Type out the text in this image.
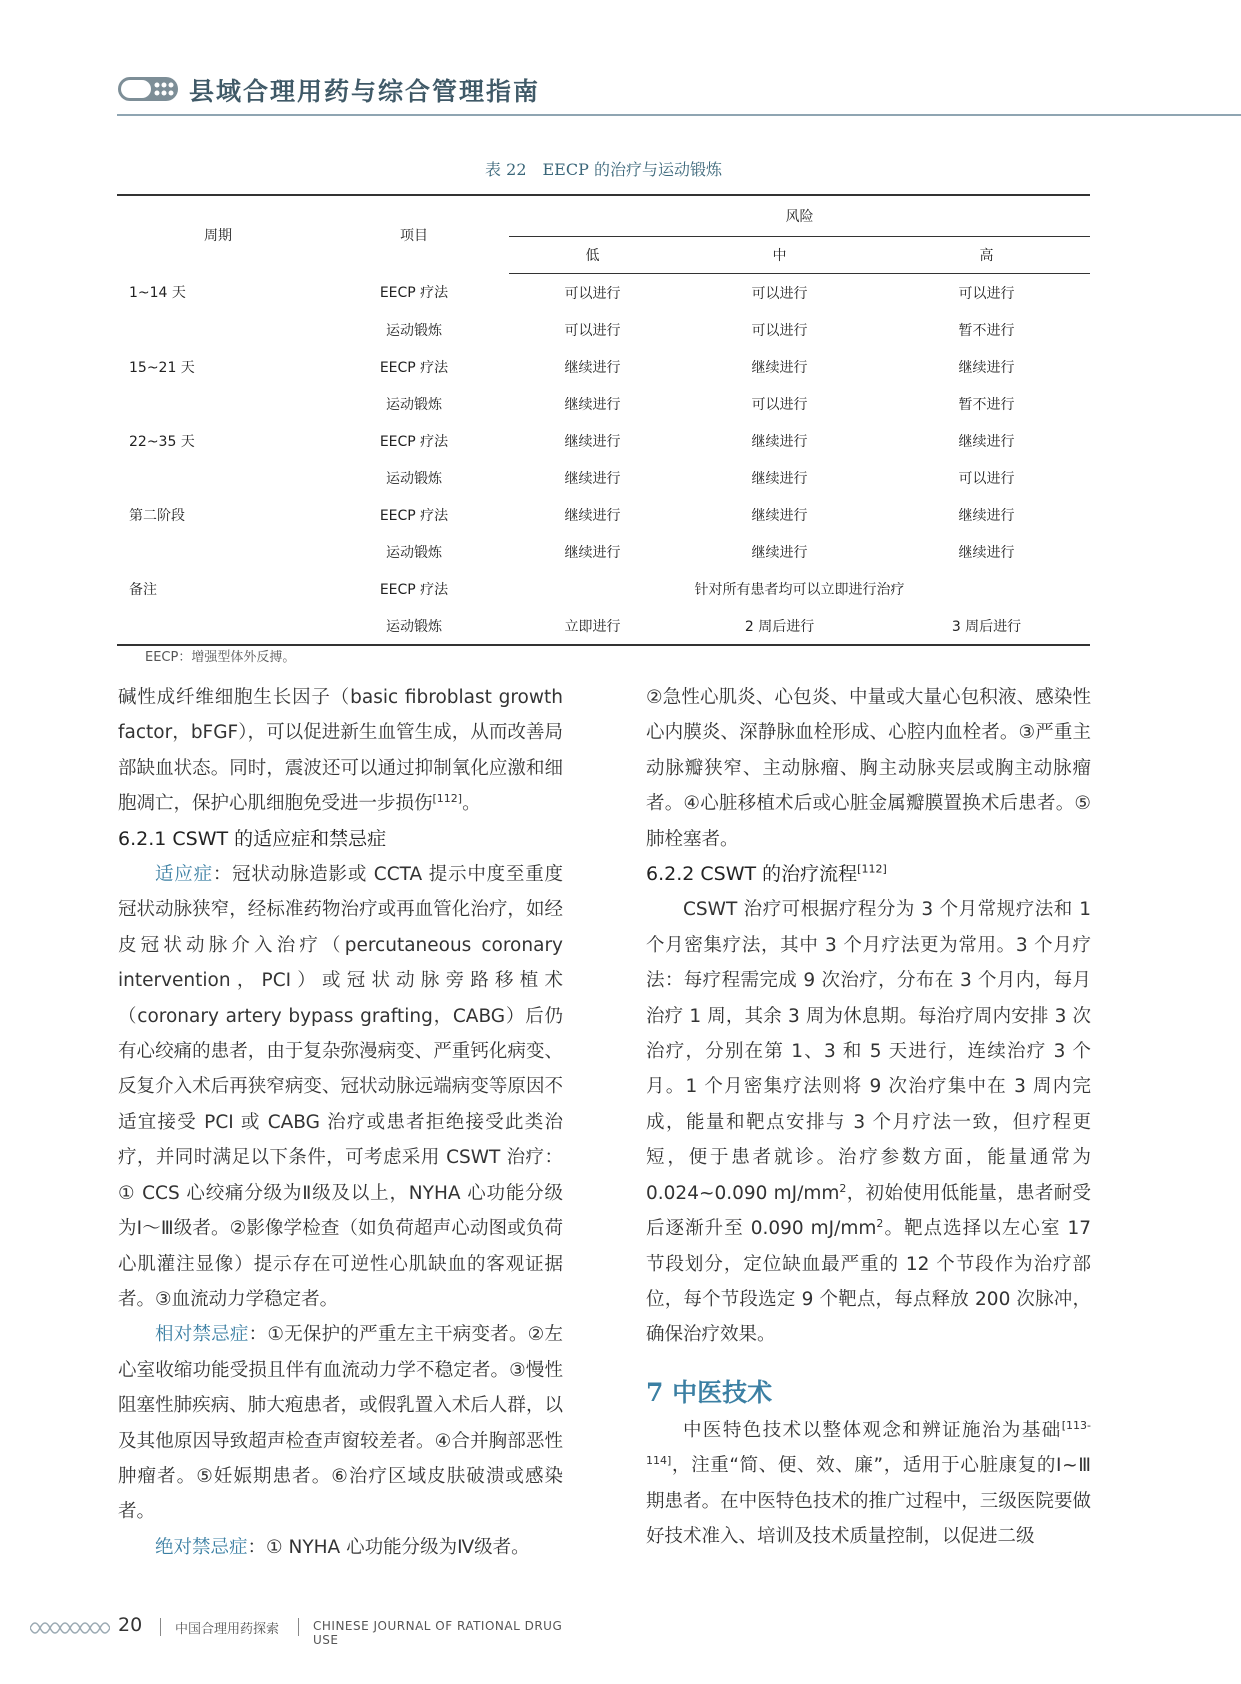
县域合理用药与综合管理指南
表 22　EECP 的治疗与运动锻炼
周期	项目	风险		
		低	中	高
1~14 天	EECP 疗法	可以进行	可以进行	可以进行
	运动锻炼	可以进行	可以进行	暂不进行
15~21 天	EECP 疗法	继续进行	继续进行	继续进行
	运动锻炼	继续进行	可以进行	暂不进行
22~35 天	EECP 疗法	继续进行	继续进行	继续进行
	运动锻炼	继续进行	继续进行	可以进行
第二阶段	EECP 疗法	继续进行	继续进行	继续进行
	运动锻炼	继续进行	继续进行	继续进行
备注	EECP 疗法	针对所有患者均可以立即进行治疗		
	运动锻炼	立即进行	2 周后进行	3 周后进行
EECP：增强型体外反搏。

碱性成纤维细胞生长因子（basic fibroblast growth factor，bFGF），可以促进新生血管生成，从而改善局部缺血状态。同时，震波还可以通过抑制氧化应激和细胞凋亡，保护心肌细胞免受进一步损伤[112]。

6.2.1 CSWT 的适应症和禁忌症

适应症：冠状动脉造影或 CCTA 提示中度至重度冠状动脉狭窄，经标准药物治疗或再血管化治疗，如经皮冠状动脉介入治疗（percutaneous coronary intervention，PCI）或冠状动脉旁路移植术（coronary artery bypass grafting，CABG）后仍有心绞痛的患者，由于复杂弥漫病变、严重钙化病变、反复介入术后再狭窄病变、冠状动脉远端病变等原因不适宜接受 PCI 或 CABG 治疗或患者拒绝接受此类治疗，并同时满足以下条件，可考虑采用 CSWT 治疗：① CCS 心绞痛分级为Ⅱ级及以上，NYHA 心功能分级为Ⅰ～Ⅲ级者。②影像学检查（如负荷超声心动图或负荷心肌灌注显像）提示存在可逆性心肌缺血的客观证据者。③血流动力学稳定者。

相对禁忌症：①无保护的严重左主干病变者。②左心室收缩功能受损且伴有血流动力学不稳定者。③慢性阻塞性肺疾病、肺大疱患者，或假乳置入术后人群，以及其他原因导致超声检查声窗较差者。④合并胸部恶性肿瘤者。⑤妊娠期患者。⑥治疗区域皮肤破溃或感染者。

绝对禁忌症：① NYHA 心功能分级为Ⅳ级者。

②急性心肌炎、心包炎、中量或大量心包积液、感染性心内膜炎、深静脉血栓形成、心腔内血栓者。③严重主动脉瓣狭窄、主动脉瘤、胸主动脉夹层或胸主动脉瘤者。④心脏移植术后或心脏金属瓣膜置换术后患者。⑤肺栓塞者。

6.2.2 CSWT 的治疗流程[112]

CSWT 治疗可根据疗程分为 3 个月常规疗法和 1 个月密集疗法，其中 3 个月疗法更为常用。3 个月疗法：每疗程需完成 9 次治疗，分布在 3 个月内，每月治疗 1 周，其余 3 周为休息期。每治疗周内安排 3 次治疗，分别在第 1、3 和 5 天进行，连续治疗 3 个月。1 个月密集疗法则将 9 次治疗集中在 3 周内完成，能量和靶点安排与 3 个月疗法一致，但疗程更短，便于患者就诊。治疗参数方面，能量通常为 0.024~0.090 $mJ/mm^2$，初始使用低能量，患者耐受后逐渐升至 0.090 $mJ/mm^2$。靶点选择以左心室 17 节段划分，定位缺血最严重的 12 个节段作为治疗部位，每个节段选定 9 个靶点，每点释放 200 次脉冲，确保治疗效果。

7 中医技术

中医特色技术以整体观念和辨证施治为基础[113-114]，注重“简、便、效、廉”，适用于心脏康复的Ⅰ~Ⅲ期患者。在中医特色技术的推广过程中，三级医院要做好技术准入、培训及技术质量控制，以促进二级

20	中国合理用药探索	CHINESE JOURNAL OF RATIONAL DRUG USE
